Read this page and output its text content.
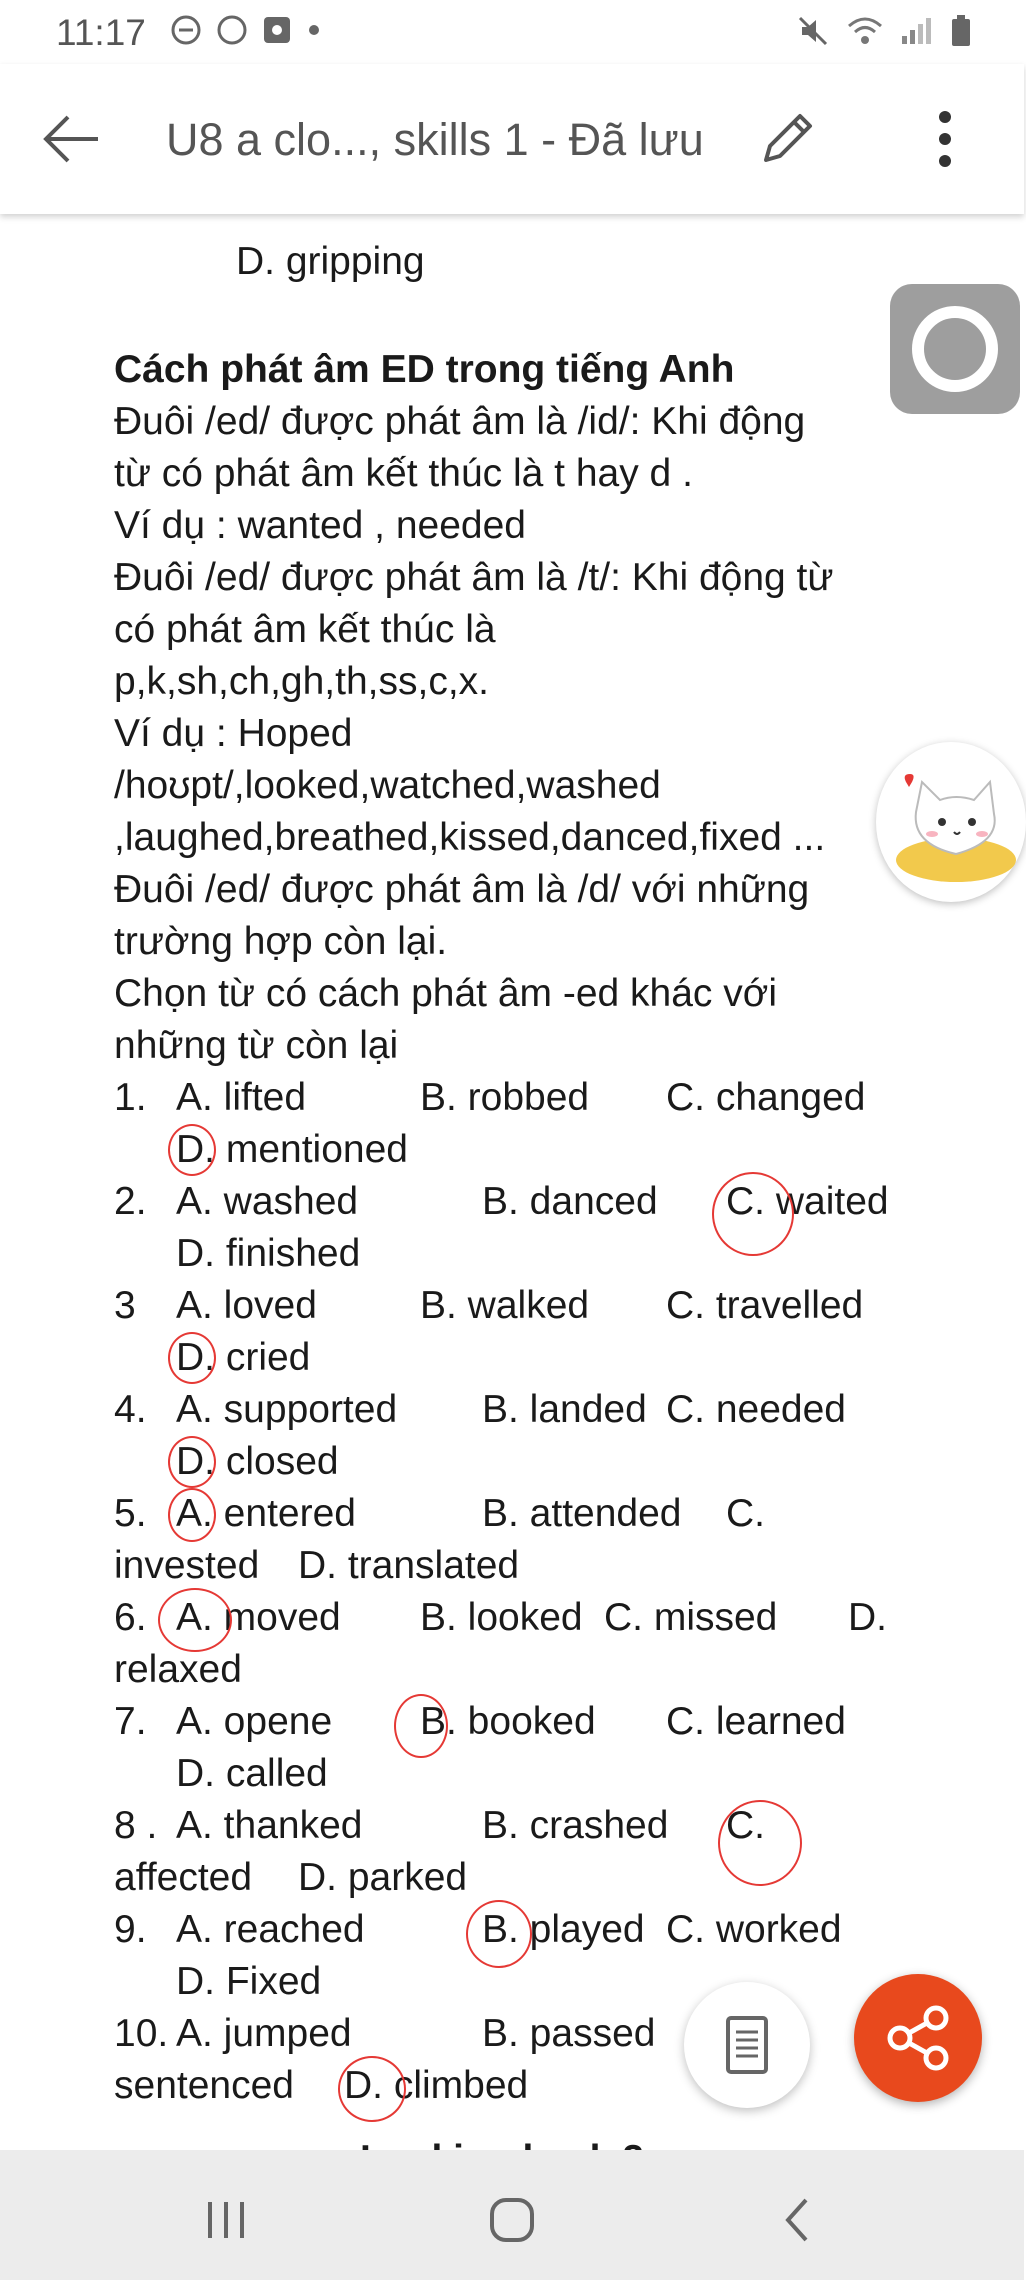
11:17
U8 a clo..., skills 1 - Đã lưu
D. gripping
Cách phát âm ED trong tiếng Anh
Đuôi /ed/ được phát âm là /id/: Khi động
từ có phát âm kết thúc là t hay d .
Ví dụ : wanted , needed
Đuôi /ed/ được phát âm là /t/: Khi động từ
có phát âm kết thúc là
p,k,sh,ch,gh,th,ss,c,x.
Ví dụ : Hoped
/hoʊpt/,looked,watched,washed
,laughed,breathed,kissed,danced,fixed ...
Đuôi /ed/ được phát âm là /d/ với những
trường hợp còn lại.
Chọn từ có cách phát âm -ed khác với
những từ còn lại
1. A. lifted	B. robbed C. changed
D. mentioned
2. A. washed	B. danced C. waited
D. finished
3 A. loved	B. walked C. travelled
D. cried
4. A. supported B. landed C. needed
D. closed
5. A. entered	B. attended C.
invested D. translated
6. A. moved B. looked C. missed D.
relaxed
7. A. opene B. booked C. learned
D. called
8 . A. thanked	B. crashed C.
affected D. parked
9. A. reached	B. played C. worked
D. Fixed
10. A. jumped	B. passed
sentenced D. climbed
